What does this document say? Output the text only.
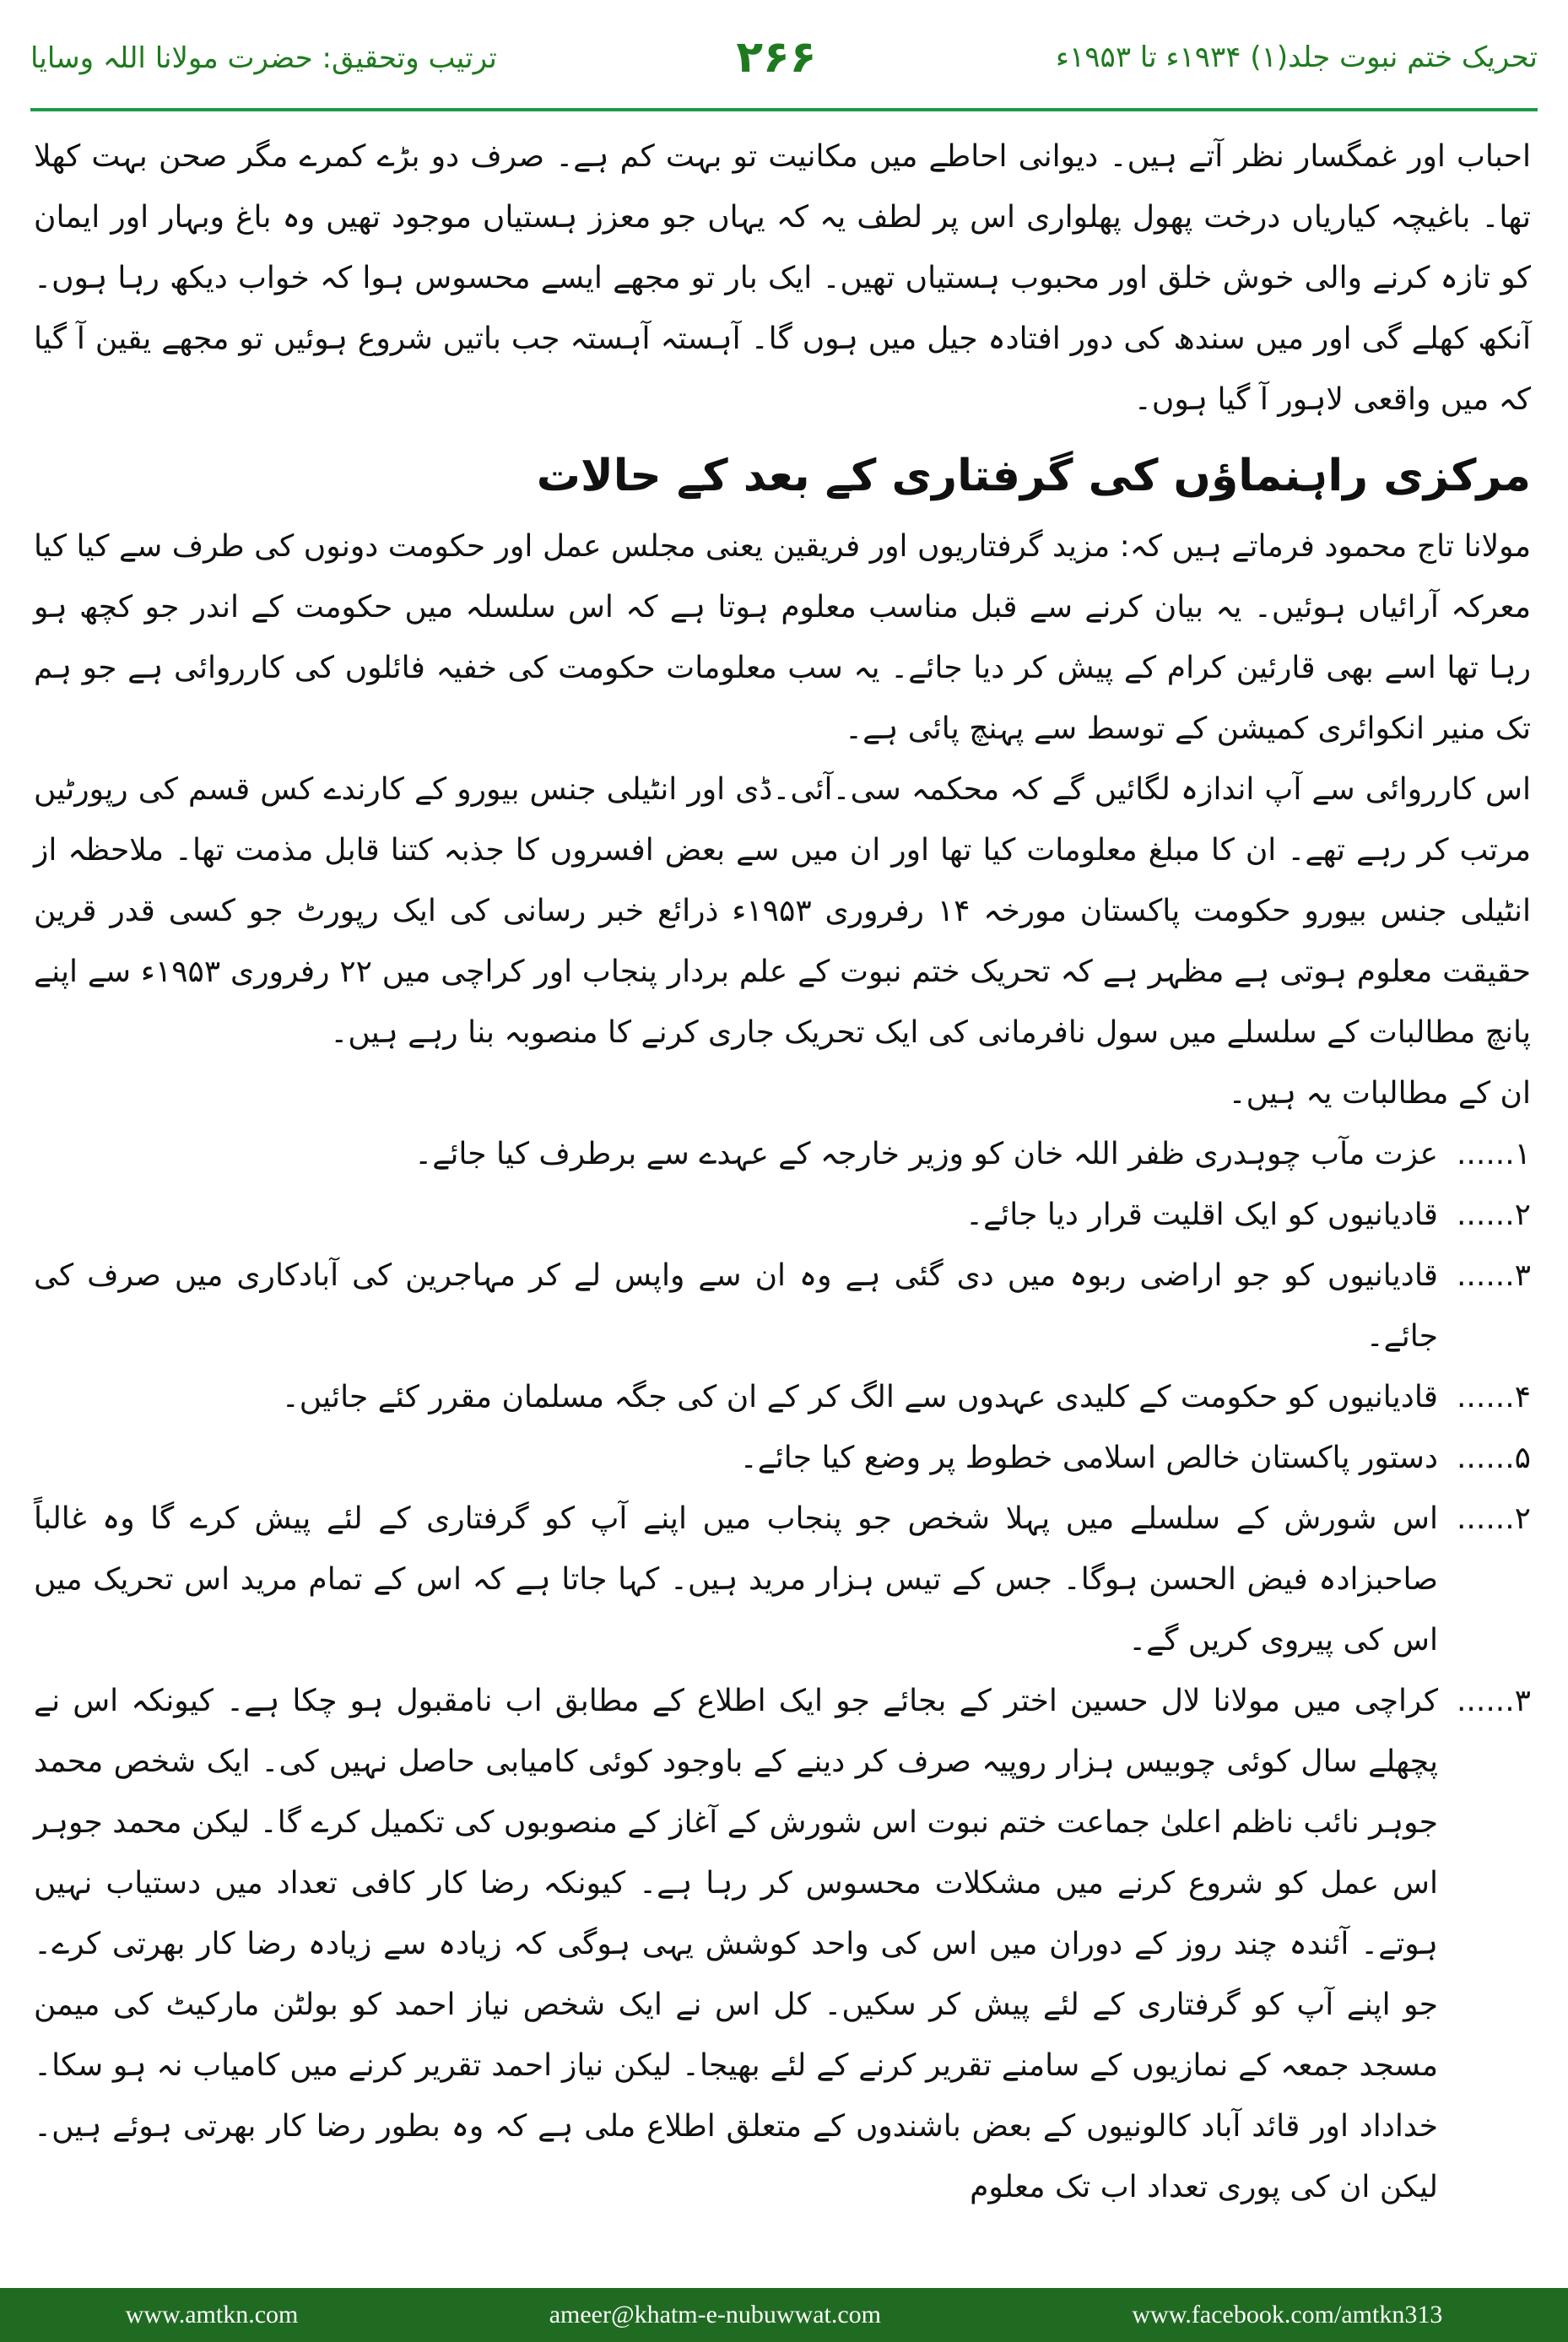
ترتیب وتحقیق: حضرت مولانا اللہ وسایا	۲۶۶	تحریک ختم نبوت جلد(۱) ۱۹۳۴ء تا ۱۹۵۳ء

احباب اور غمگسار نظر آتے ہیں۔ دیوانی احاطے میں مکانیت تو بہت کم ہے۔ صرف دو بڑے کمرے مگر صحن بہت کھلا تھا۔ باغیچہ کیاریاں درخت پھول پھلواری اس پر لطف یہ کہ یہاں جو معزز ہستیاں موجود تھیں وہ باغ وبہار اور ایمان کو تازہ کرنے والی خوش خلق اور محبوب ہستیاں تھیں۔ ایک بار تو مجھے ایسے محسوس ہوا کہ خواب دیکھ رہا ہوں۔ آنکھ کھلے گی اور میں سندھ کی دور افتادہ جیل میں ہوں گا۔ آہستہ آہستہ جب باتیں شروع ہوئیں تو مجھے یقین آ گیا کہ میں واقعی لاہور آ گیا ہوں۔

مرکزی راہنماؤں کی گرفتاری کے بعد کے حالات

مولانا تاج محمود فرماتے ہیں کہ: مزید گرفتاریوں اور فریقین یعنی مجلس عمل اور حکومت دونوں کی طرف سے کیا کیا معرکہ آرائیاں ہوئیں۔ یہ بیان کرنے سے قبل مناسب معلوم ہوتا ہے کہ اس سلسلہ میں حکومت کے اندر جو کچھ ہو رہا تھا اسے بھی قارئین کرام کے پیش کر دیا جائے۔ یہ سب معلومات حکومت کی خفیہ فائلوں کی کارروائی ہے جو ہم تک منیر انکوائری کمیشن کے توسط سے پہنچ پائی ہے۔

اس کارروائی سے آپ اندازہ لگائیں گے کہ محکمہ سی۔آئی۔ڈی اور انٹیلی جنس بیورو کے کارندے کس قسم کی رپورٹیں مرتب کر رہے تھے۔ ان کا مبلغ معلومات کیا تھا اور ان میں سے بعض افسروں کا جذبہ کتنا قابل مذمت تھا۔ ملاحظہ از انٹیلی جنس بیورو حکومت پاکستان مورخہ ۱۴ رفروری ۱۹۵۳ء ذرائع خبر رسانی کی ایک رپورٹ جو کسی قدر قرین حقیقت معلوم ہوتی ہے مظہر ہے کہ تحریک ختم نبوت کے علم بردار پنجاب اور کراچی میں ۲۲ رفروری ۱۹۵۳ء سے اپنے پانچ مطالبات کے سلسلے میں سول نافرمانی کی ایک تحریک جاری کرنے کا منصوبہ بنا رہے ہیں۔

ان کے مطالبات یہ ہیں۔

۱......
عزت مآب چوہدری ظفر اللہ خان کو وزیر خارجہ کے عہدے سے برطرف کیا جائے۔
۲......
قادیانیوں کو ایک اقلیت قرار دیا جائے۔
۳......
قادیانیوں کو جو اراضی ربوہ میں دی گئی ہے وہ ان سے واپس لے کر مہاجرین کی آبادکاری میں صرف کی جائے۔
۴......
قادیانیوں کو حکومت کے کلیدی عہدوں سے الگ کر کے ان کی جگہ مسلمان مقرر کئے جائیں۔
۵......
دستور پاکستان خالص اسلامی خطوط پر وضع کیا جائے۔
۲......
اس شورش کے سلسلے میں پہلا شخص جو پنجاب میں اپنے آپ کو گرفتاری کے لئے پیش کرے گا وہ غالباً صاحبزادہ فیض الحسن ہوگا۔ جس کے تیس ہزار مرید ہیں۔ کہا جاتا ہے کہ اس کے تمام مرید اس تحریک میں اس کی پیروی کریں گے۔
۳......
کراچی میں مولانا لال حسین اختر کے بجائے جو ایک اطلاع کے مطابق اب نامقبول ہو چکا ہے۔ کیونکہ اس نے پچھلے سال کوئی چوبیس ہزار روپیہ صرف کر دینے کے باوجود کوئی کامیابی حاصل نہیں کی۔ ایک شخص محمد جوہر نائب ناظم اعلیٰ جماعت ختم نبوت اس شورش کے آغاز کے منصوبوں کی تکمیل کرے گا۔ لیکن محمد جوہر اس عمل کو شروع کرنے میں مشکلات محسوس کر رہا ہے۔ کیونکہ رضا کار کافی تعداد میں دستیاب نہیں ہوتے۔ آئندہ چند روز کے دوران میں اس کی واحد کوشش یہی ہوگی کہ زیادہ سے زیادہ رضا کار بھرتی کرے۔ جو اپنے آپ کو گرفتاری کے لئے پیش کر سکیں۔ کل اس نے ایک شخص نیاز احمد کو بولٹن مارکیٹ کی میمن مسجد جمعہ کے نمازیوں کے سامنے تقریر کرنے کے لئے بھیجا۔ لیکن نیاز احمد تقریر کرنے میں کامیاب نہ ہو سکا۔ خداداد اور قائد آباد کالونیوں کے بعض باشندوں کے متعلق اطلاع ملی ہے کہ وہ بطور رضا کار بھرتی ہوئے ہیں۔ لیکن ان کی پوری تعداد اب تک معلوم
www.amtkn.com	ameer@khatm-e-nubuwwat.com	www.facebook.com/amtkn313
